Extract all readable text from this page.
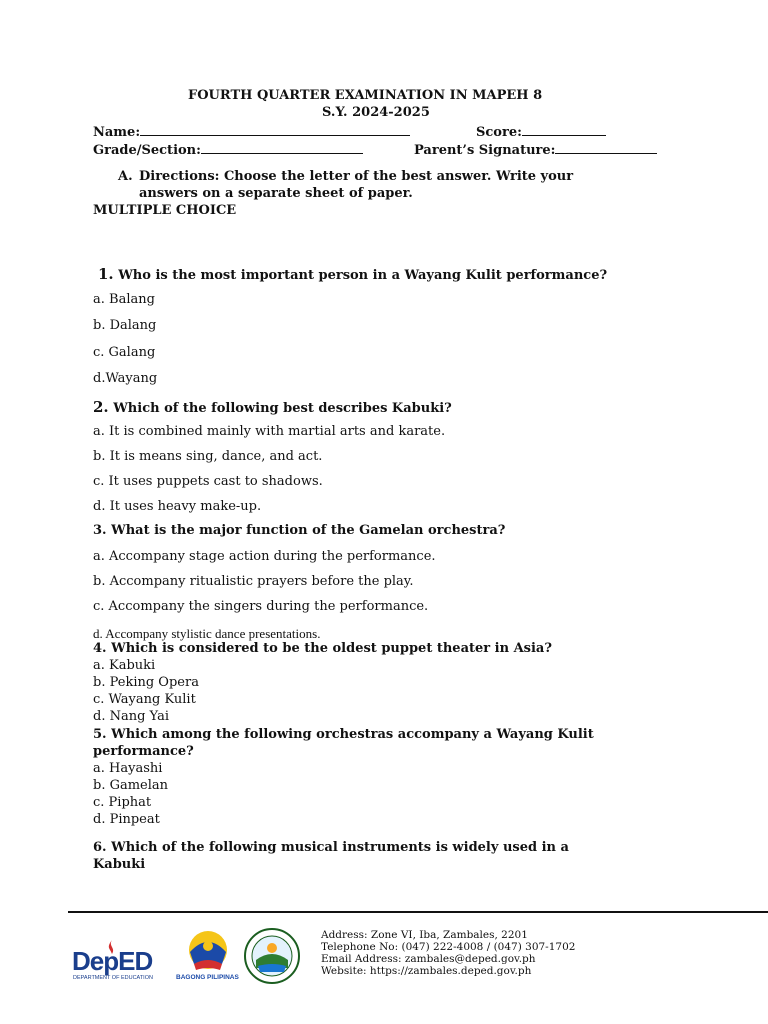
FOURTH QUARTER EXAMINATION IN MAPEH 8
S.Y. 2024-2025
Name:	Score:
Grade/Section:	Parent’s Signature:
A. Directions: Choose the letter of the best answer. Write your
answers on a separate sheet of paper.
MULTIPLE CHOICE
1. Who is the most important person in a Wayang Kulit performance?
a. Balang
b. Dalang
c. Galang
d.Wayang
2. Which of the following best describes Kabuki?
a. It is combined mainly with martial arts and karate.
b. It is means sing, dance, and act.
c. It uses puppets cast to shadows.
d. It uses heavy make-up.
3. What is the major function of the Gamelan orchestra?
a. Accompany stage action during the performance.
b. Accompany ritualistic prayers before the play.
c. Accompany the singers during the performance.
d. Accompany stylistic dance presentations.
4. Which is considered to be the oldest puppet theater in Asia?
a. Kabuki
b. Peking Opera
c. Wayang Kulit
d. Nang Yai
5. Which among the following orchestras accompany a Wayang Kulit
performance?
a. Hayashi
b. Gamelan
c. Piphat
d. Pinpeat
6. Which of the following musical instruments is widely used in a
Kabuki
DepED
DEPARTMENT OF EDUCATION	BAGONG PILIPINAS
Address: Zone VI, Iba, Zambales, 2201
Telephone No: (047) 222-4008 / (047) 307-1702
Email Address: zambales@deped.gov.ph
Website: https://zambales.deped.gov.ph
